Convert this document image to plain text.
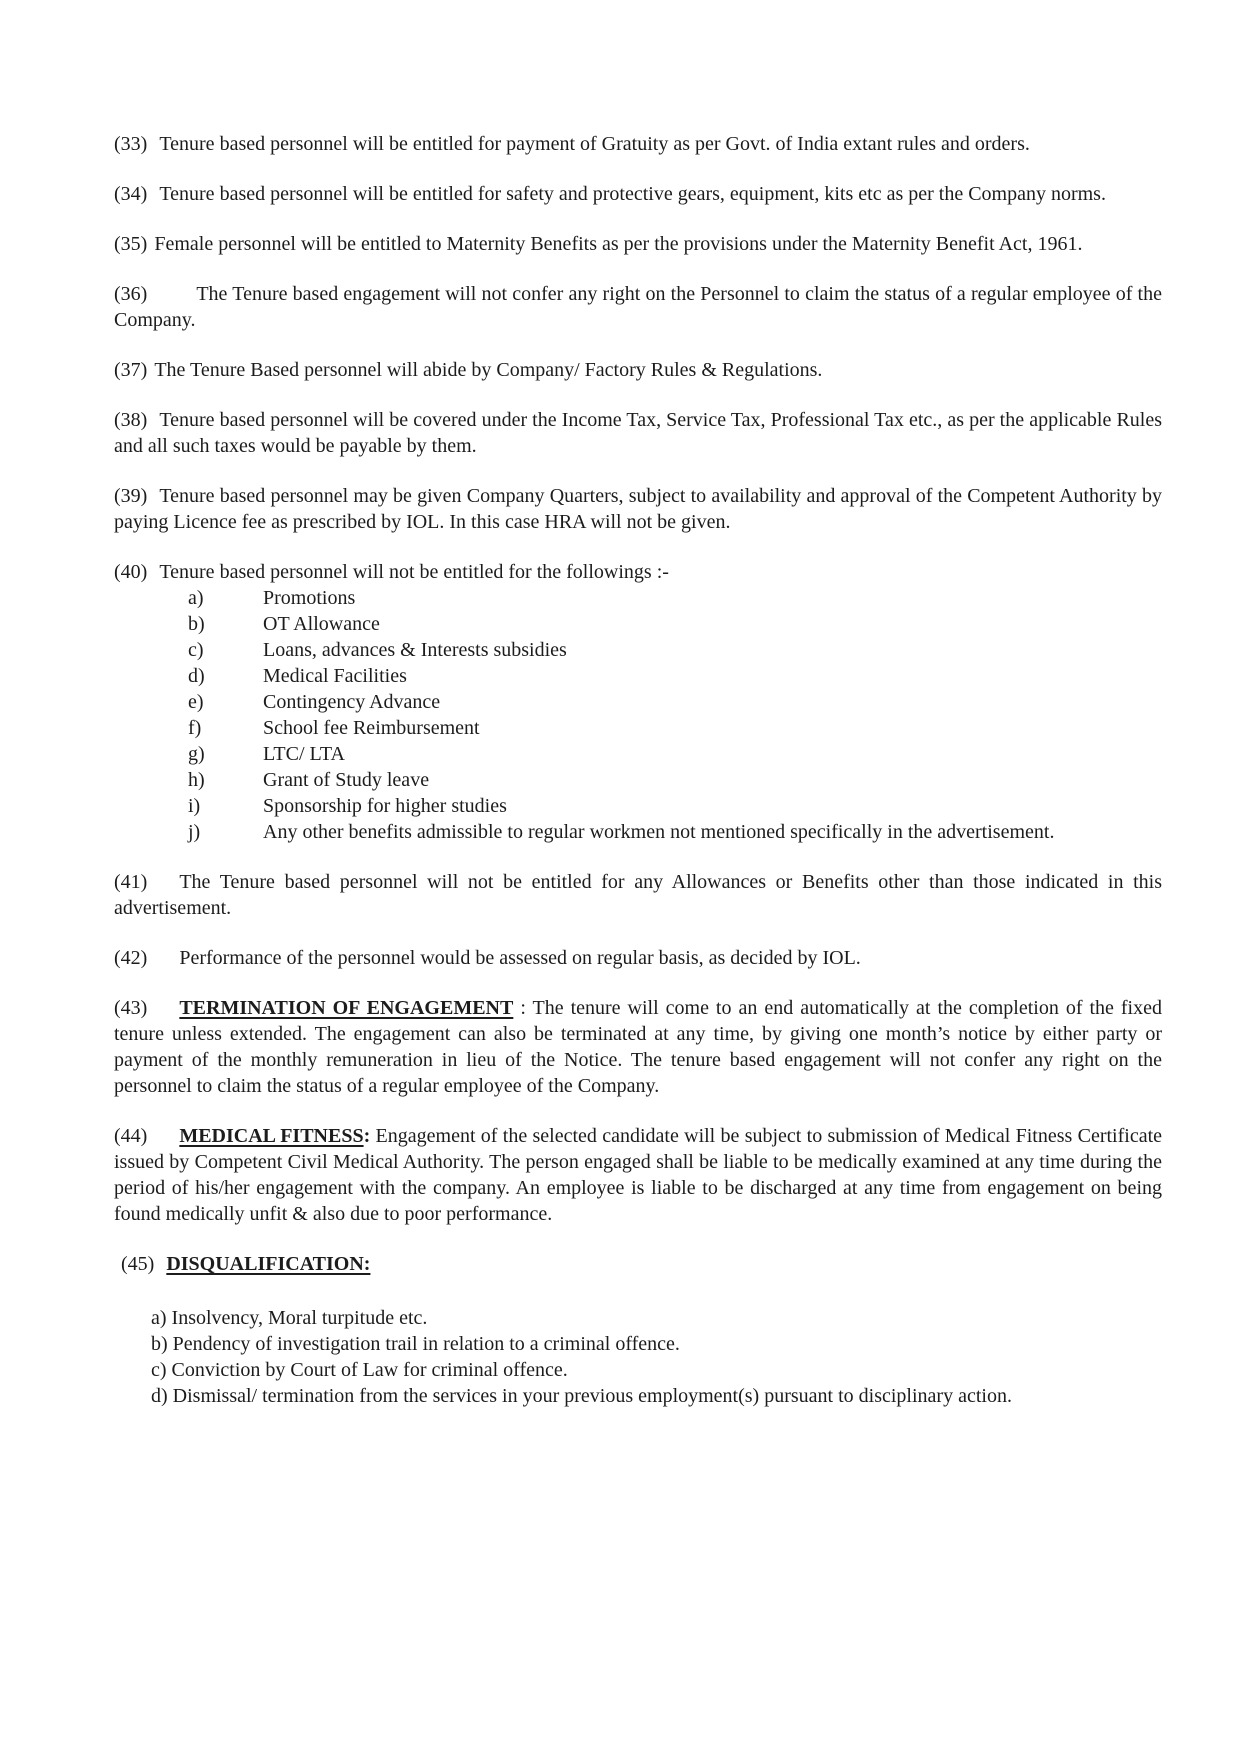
(33) Tenure based personnel will be entitled for payment of Gratuity as per Govt. of India extant rules and orders.

(34) Tenure based personnel will be entitled for safety and protective gears, equipment, kits etc as per the Company norms.

(35) Female personnel will be entitled to Maternity Benefits as per the provisions under the Maternity Benefit Act, 1961.

(36) The Tenure based engagement will not confer any right on the Personnel to claim the status of a regular employee of the Company.

(37) The Tenure Based personnel will abide by Company/ Factory Rules & Regulations.

(38) Tenure based personnel will be covered under the Income Tax, Service Tax, Professional Tax etc., as per the applicable Rules and all such taxes would be payable by them.

(39) Tenure based personnel may be given Company Quarters, subject to availability and approval of the Competent Authority by paying Licence fee as prescribed by IOL. In this case HRA will not be given.

(40) Tenure based personnel will not be entitled for the followings :-

a)	Promotions
b)	OT Allowance
c)	Loans, advances & Interests subsidies
d)	Medical Facilities
e)	Contingency Advance
f)	School fee Reimbursement
g)	LTC/ LTA
h)	Grant of Study leave
i)	Sponsorship for higher studies
j)	Any other benefits admissible to regular workmen not mentioned specifically in the advertisement.

(41) The Tenure based personnel will not be entitled for any Allowances or Benefits other than those indicated in this advertisement.

(42) Performance of the personnel would be assessed on regular basis, as decided by IOL.

(43) TERMINATION OF ENGAGEMENT : The tenure will come to an end automatically at the completion of the fixed tenure unless extended. The engagement can also be terminated at any time, by giving one month’s notice by either party or payment of the monthly remuneration in lieu of the Notice. The tenure based engagement will not confer any right on the personnel to claim the status of a regular employee of the Company.

(44) MEDICAL FITNESS: Engagement of the selected candidate will be subject to submission of Medical Fitness Certificate issued by Competent Civil Medical Authority. The person engaged shall be liable to be medically examined at any time during the period of his/her engagement with the company. An employee is liable to be discharged at any time from engagement on being found medically unfit & also due to poor performance.

(45) DISQUALIFICATION:

a) Insolvency, Moral turpitude etc.

b) Pendency of investigation trail in relation to a criminal offence.

c) Conviction by Court of Law for criminal offence.

d) Dismissal/ termination from the services in your previous employment(s) pursuant to disciplinary action.
